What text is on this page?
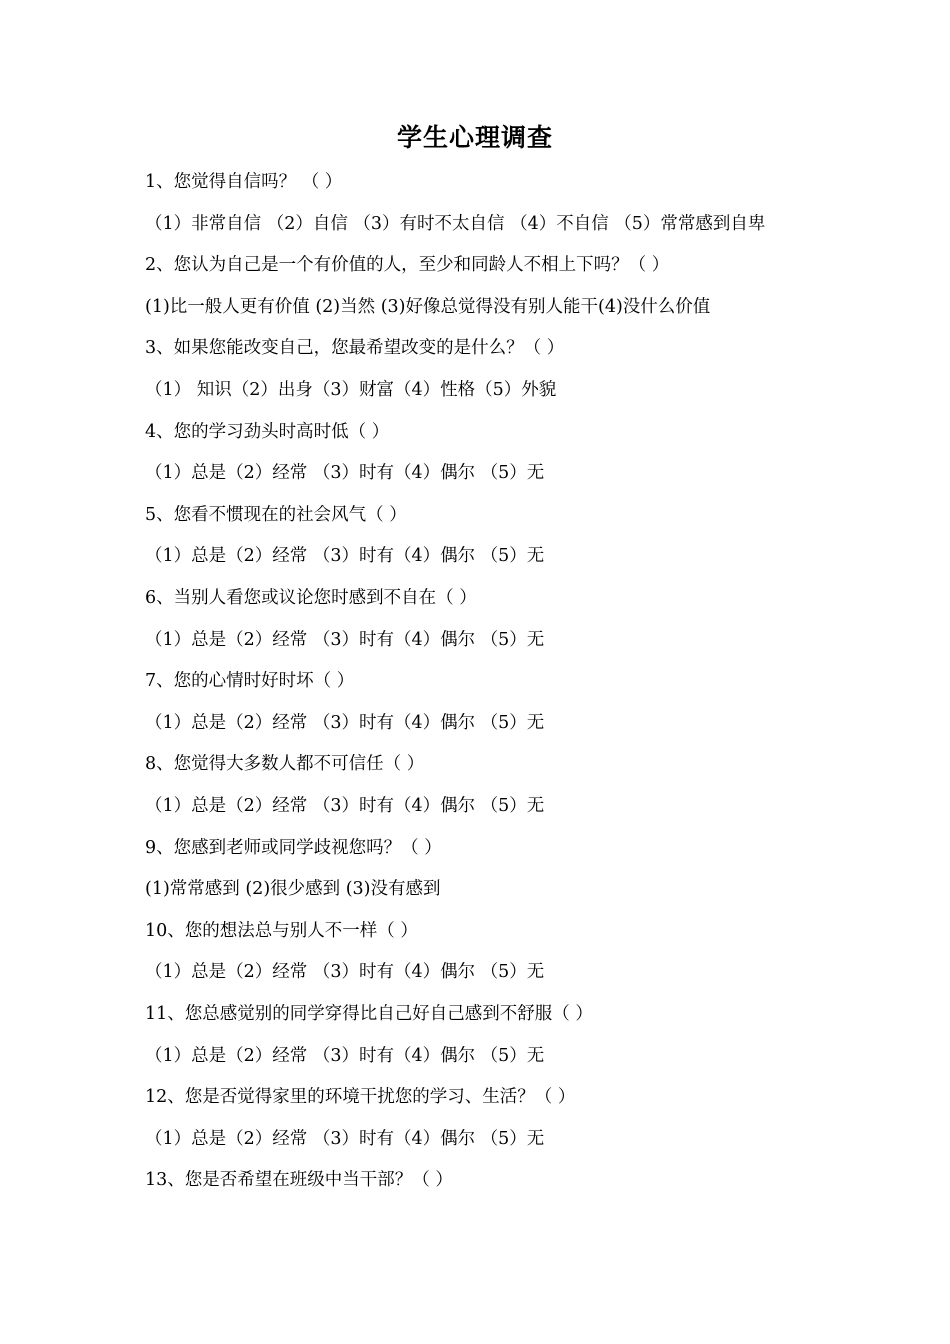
学生心理调查
1、您觉得自信吗？ （ ）
（1）非常自信 （2）自信 （3）有时不太自信 （4）不自信 （5）常常感到自卑
2、您认为自己是一个有价值的人，至少和同龄人不相上下吗？（ ）
(1)比一般人更有价值 (2)当然 (3)好像总觉得没有别人能干(4)没什么价值
3、如果您能改变自己，您最希望改变的是什么？（ ）
（1） 知识（2）出身（3）财富（4）性格（5）外貌
4、您的学习劲头时高时低（ ）
（1）总是（2）经常 （3）时有（4）偶尔 （5）无
5、您看不惯现在的社会风气（ ）
（1）总是（2）经常 （3）时有（4）偶尔 （5）无
6、当别人看您或议论您时感到不自在（ ）
（1）总是（2）经常 （3）时有（4）偶尔 （5）无
7、您的心情时好时坏（ ）
（1）总是（2）经常 （3）时有（4）偶尔 （5）无
8、您觉得大多数人都不可信任（ ）
（1）总是（2）经常 （3）时有（4）偶尔 （5）无
9、您感到老师或同学歧视您吗？（ ）
(1)常常感到 (2)很少感到 (3)没有感到
10、您的想法总与别人不一样（ ）
（1）总是（2）经常 （3）时有（4）偶尔 （5）无
11、您总感觉别的同学穿得比自己好自己感到不舒服（ ）
（1）总是（2）经常 （3）时有（4）偶尔 （5）无
12、您是否觉得家里的环境干扰您的学习、生活？（ ）
（1）总是（2）经常 （3）时有（4）偶尔 （5）无
13、您是否希望在班级中当干部？（ ）
